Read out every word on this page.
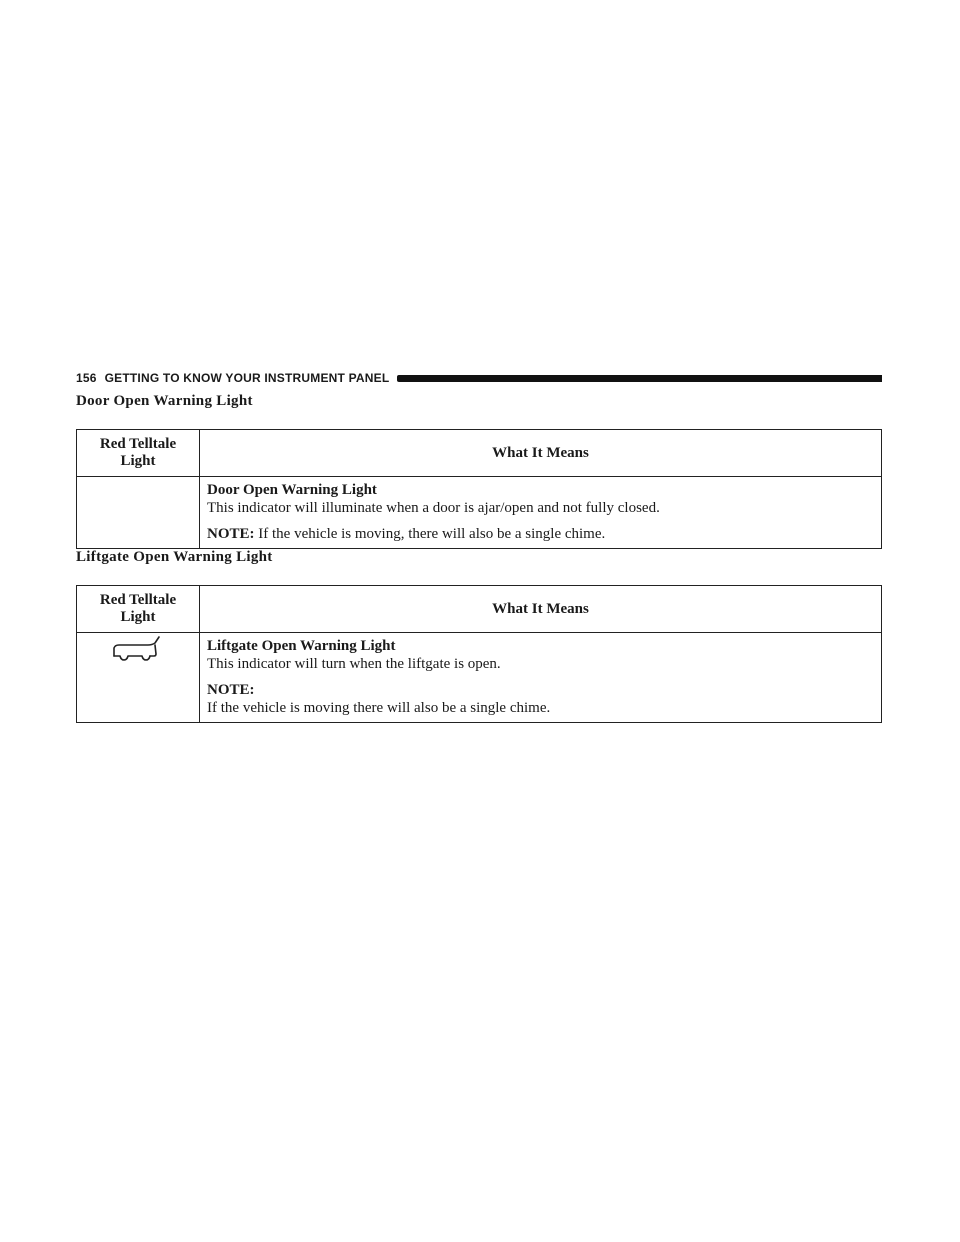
156 GETTING TO KNOW YOUR INSTRUMENT PANEL
Door Open Warning Light
Red Telltale Light	What It Means

	Door Open Warning Light
This indicator will illuminate when a door is ajar/open and not fully closed.
NOTE: If the vehicle is moving, there will also be a single chime.
Liftgate Open Warning Light
Red Telltale Light	What It Means

Liftgate Open Warning Light
This indicator will turn when the liftgate is open.
NOTE:
If the vehicle is moving there will also be a single chime.
